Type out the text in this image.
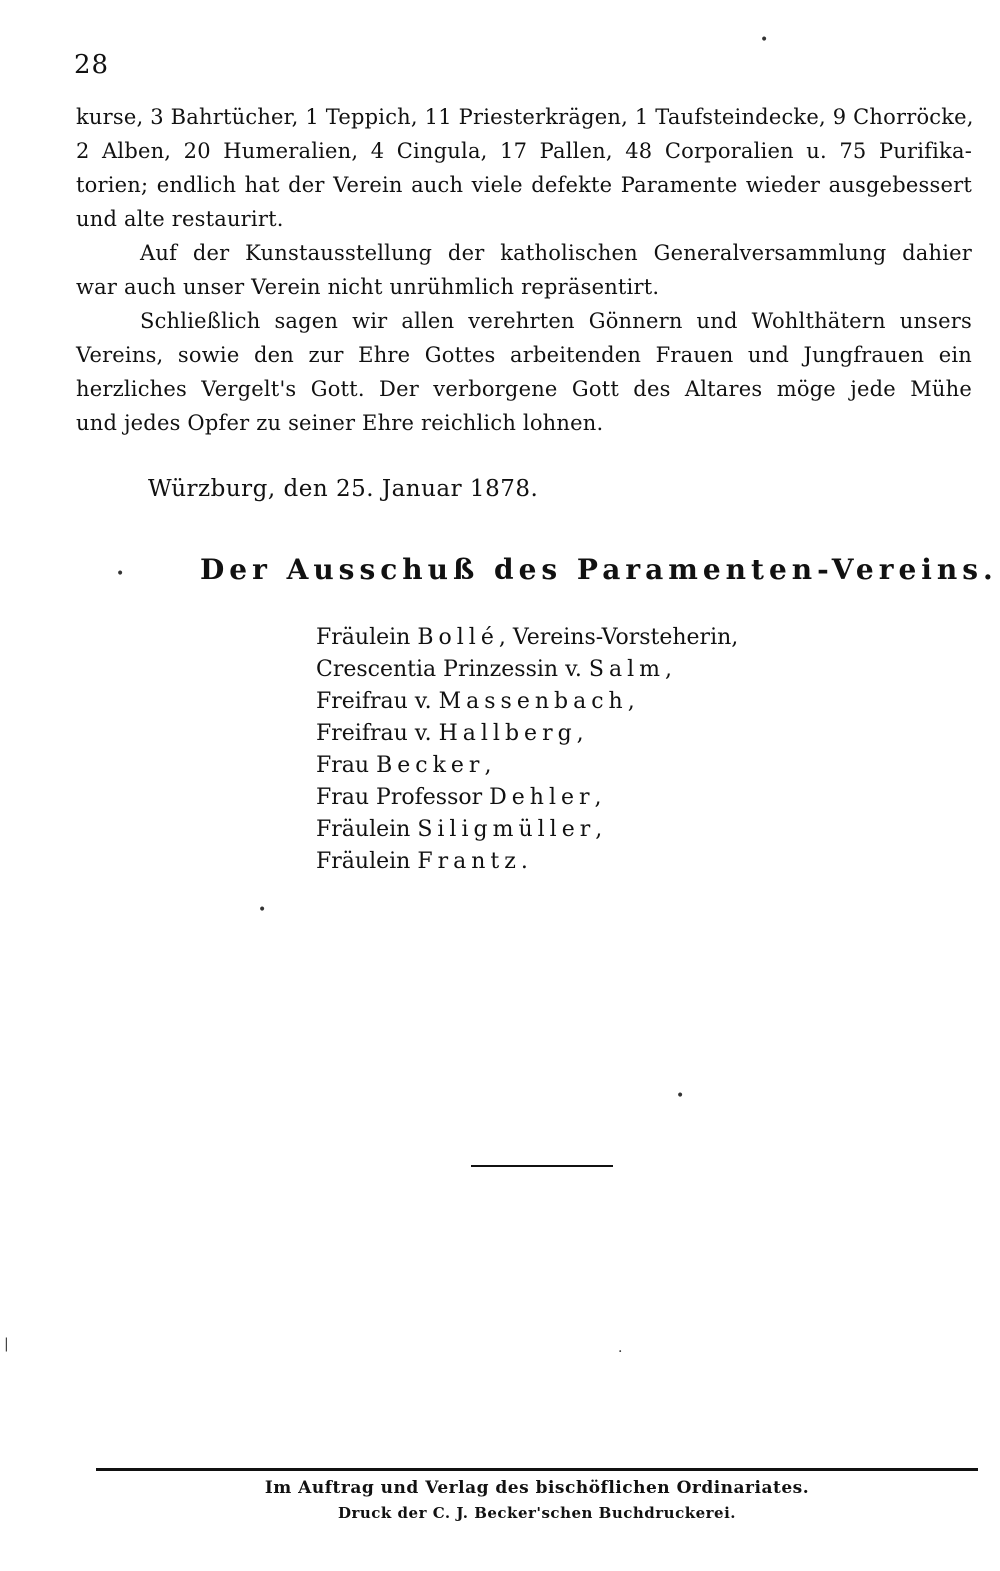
28
•
kurse, 3 Bahrtücher, 1 Teppich, 11 Priesterkrägen, 1 Taufsteindecke, 9 Chorröcke,
2 Alben, 20 Humeralien, 4 Cingula, 17 Pallen, 48 Corporalien u. 75 Purifika-
torien; endlich hat der Verein auch viele defekte Paramente wieder ausgebessert
und alte restaurirt.
Auf der Kunstausstellung der katholischen Generalversammlung dahier
war auch unser Verein nicht unrühmlich repräsentirt.
Schließlich sagen wir allen verehrten Gönnern und Wohlthätern unsers
Vereins, sowie den zur Ehre Gottes arbeitenden Frauen und Jungfrauen ein
herzliches Vergelt's Gott. Der verborgene Gott des Altares möge jede Mühe
und jedes Opfer zu seiner Ehre reichlich lohnen.
Würzburg, den 25. Januar 1878.
•	Der Ausschuß des Paramenten-Vereins.
Fräulein Bollé, Vereins-Vorsteherin,
Crescentia Prinzessin v. Salm,
Freifrau v. Massenbach,
Freifrau v. Hallberg,
Frau Becker,
Frau Professor Dehler,
Fräulein Siligmüller,
Fräulein Frantz.
•
•
|	·
Im Auftrag und Verlag des bischöflichen Ordinariates.
Druck der C. J. Becker'schen Buchdruckerei.
